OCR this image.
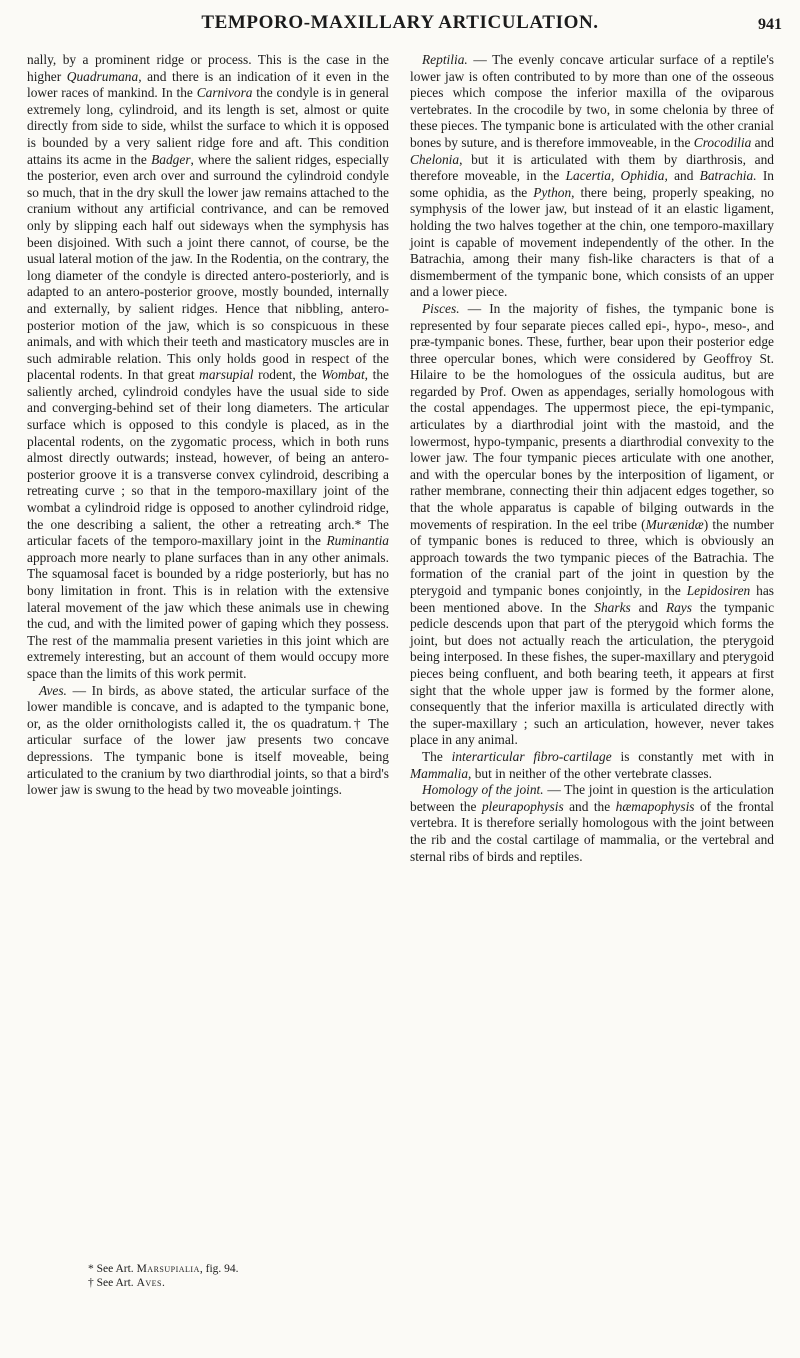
TEMPORO-MAXILLARY ARTICULATION.	941

nally, by a prominent ridge or process. This is the case in the higher Quadrumana, and there is an indication of it even in the lower races of mankind. In the Carnivora the condyle is in general extremely long, cylindroid, and its length is set, almost or quite directly from side to side, whilst the surface to which it is opposed is bounded by a very salient ridge fore and aft. This condition attains its acme in the Badger, where the salient ridges, especially the posterior, even arch over and surround the cylindroid condyle so much, that in the dry skull the lower jaw remains attached to the cranium without any artificial contrivance, and can be removed only by slipping each half out sideways when the symphysis has been disjoined. With such a joint there cannot, of course, be the usual lateral motion of the jaw. In the Rodentia, on the contrary, the long diameter of the condyle is directed antero-posteriorly, and is adapted to an antero-posterior groove, mostly bounded, internally and externally, by salient ridges. Hence that nibbling, antero-posterior motion of the jaw, which is so conspicuous in these animals, and with which their teeth and masticatory muscles are in such admirable relation. This only holds good in respect of the placental rodents. In that great marsupial rodent, the Wombat, the saliently arched, cylindroid condyles have the usual side to side and converging-behind set of their long diameters. The articular surface which is opposed to this condyle is placed, as in the placental rodents, on the zygomatic process, which in both runs almost directly outwards; instead, however, of being an antero-posterior groove it is a transverse convex cylindroid, describing a retreating curve ; so that in the temporo-maxillary joint of the wombat a cylindroid ridge is opposed to another cylindroid ridge, the one describing a salient, the other a retreating arch.* The articular facets of the temporo-maxillary joint in the Ruminantia approach more nearly to plane surfaces than in any other animals. The squamosal facet is bounded by a ridge posteriorly, but has no bony limitation in front. This is in relation with the extensive lateral movement of the jaw which these animals use in chewing the cud, and with the limited power of gaping which they possess. The rest of the mammalia present varieties in this joint which are extremely interesting, but an account of them would occupy more space than the limits of this work permit.

Aves. — In birds, as above stated, the articular surface of the lower mandible is concave, and is adapted to the tympanic bone, or, as the older ornithologists called it, the os quadratum.† The articular surface of the lower jaw presents two concave depressions. The tympanic bone is itself moveable, being articulated to the cranium by two diarthrodial joints, so that a bird's lower jaw is swung to the head by two moveable jointings.

* See Art. Marsupialia, fig. 94.
† See Art. Aves.

Reptilia. — The evenly concave articular surface of a reptile's lower jaw is often contributed to by more than one of the osseous pieces which compose the inferior maxilla of the oviparous vertebrates. In the crocodile by two, in some chelonia by three of these pieces. The tympanic bone is articulated with the other cranial bones by suture, and is therefore immoveable, in the Crocodilia and Chelonia, but it is articulated with them by diarthrosis, and therefore moveable, in the Lacertia, Ophidia, and Batrachia. In some ophidia, as the Python, there being, properly speaking, no symphysis of the lower jaw, but instead of it an elastic ligament, holding the two halves together at the chin, one temporo-maxillary joint is capable of movement independently of the other. In the Batrachia, among their many fish-like characters is that of a dismemberment of the tympanic bone, which consists of an upper and a lower piece.

Pisces. — In the majority of fishes, the tympanic bone is represented by four separate pieces called epi-, hypo-, meso-, and præ-tympanic bones. These, further, bear upon their posterior edge three opercular bones, which were considered by Geoffroy St. Hilaire to be the homologues of the ossicula auditus, but are regarded by Prof. Owen as appendages, serially homologous with the costal appendages. The uppermost piece, the epi-tympanic, articulates by a diarthrodial joint with the mastoid, and the lowermost, hypo-tympanic, presents a diarthrodial convexity to the lower jaw. The four tympanic pieces articulate with one another, and with the opercular bones by the interposition of ligament, or rather membrane, connecting their thin adjacent edges together, so that the whole apparatus is capable of bilging outwards in the movements of respiration. In the eel tribe (Murænidæ) the number of tympanic bones is reduced to three, which is obviously an approach towards the two tympanic pieces of the Batrachia. The formation of the cranial part of the joint in question by the pterygoid and tympanic bones conjointly, in the Lepidosiren has been mentioned above. In the Sharks and Rays the tympanic pedicle descends upon that part of the pterygoid which forms the joint, but does not actually reach the articulation, the pterygoid being interposed. In these fishes, the super-maxillary and pterygoid pieces being confluent, and both bearing teeth, it appears at first sight that the whole upper jaw is formed by the former alone, consequently that the inferior maxilla is articulated directly with the super-maxillary ; such an articulation, however, never takes place in any animal.

The interarticular fibro-cartilage is constantly met with in Mammalia, but in neither of the other vertebrate classes.

Homology of the joint. — The joint in question is the articulation between the pleurapophysis and the hæmapophysis of the frontal vertebra. It is therefore serially homologous with the joint between the rib and the costal cartilage of mammalia, or the vertebral and sternal ribs of birds and reptiles.
